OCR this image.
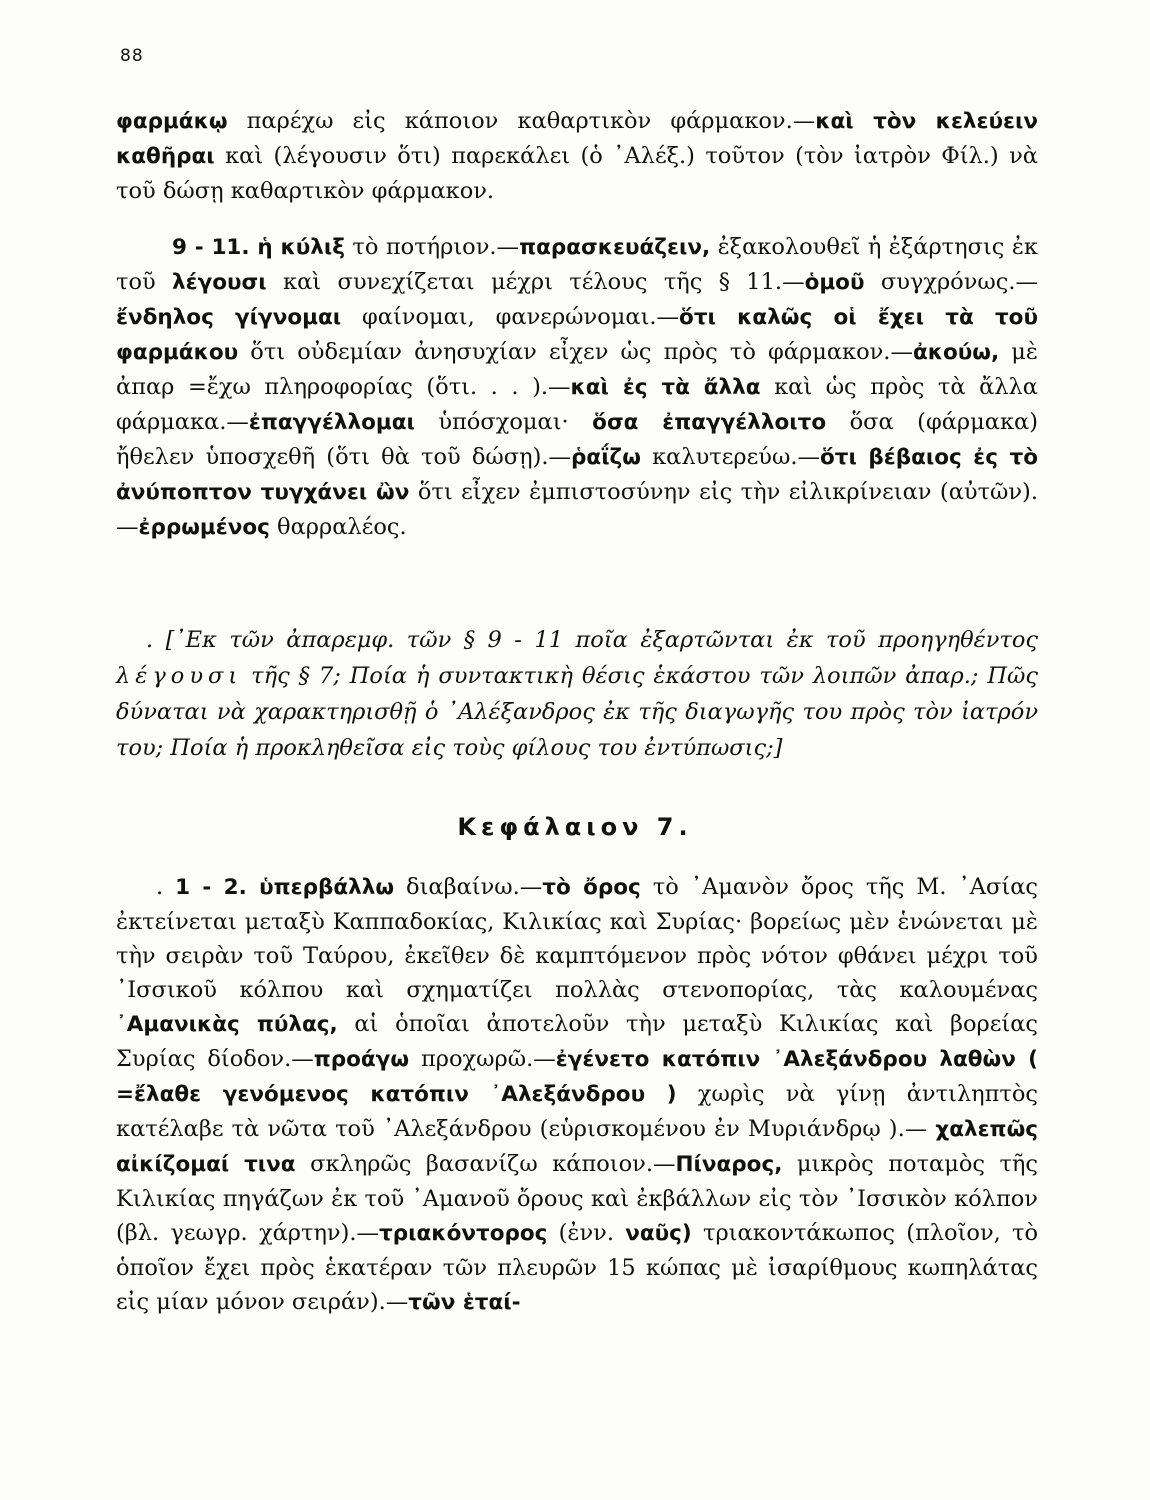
88

φαρμάκῳ παρέχω εἰς κάποιον καθαρτικὸν φάρμακον.—καὶ τὸν κελεύειν καθῆραι καὶ (λέγουσιν ὅτι) παρεκάλει (ὁ ᾿Αλέξ.) τοῦτον (τὸν ἰατρὸν Φίλ.) νὰ τοῦ δώσῃ καθαρτικὸν φάρμακον.

9 - 11. ἡ κύλιξ τὸ ποτήριον.—παρασκευάζειν, ἐξακολουθεῖ ἡ ἐξάρτησις ἐκ τοῦ λέγουσι καὶ συνεχίζεται μέχρι τέλους τῆς § 11.—ὁμοῦ συγχρόνως.—ἔνδηλος γίγνομαι φαίνομαι, φανερώνομαι.—ὅτι καλῶς οἱ ἔχει τὰ τοῦ φαρμάκου ὅτι οὐδεμίαν ἀνησυχίαν εἶχεν ὡς πρὸς τὸ φάρμακον.—ἀκούω, μὲ ἀπαρ =ἔχω πληροφορίας (ὅτι. . . ).—καὶ ἐς τὰ ἄλλα καὶ ὡς πρὸς τὰ ἄλλα φάρμακα.—ἐπαγγέλλομαι ὑπόσχομαι· ὅσα ἐπαγγέλλοιτο ὅσα (φάρμακα) ἤθελεν ὑποσχεθῆ (ὅτι θὰ τοῦ δώσῃ).—ῥαΐζω καλυτερεύω.—ὅτι βέβαιος ἐς τὸ ἀνύποπτον τυγχάνει ὢν ὅτι εἶχεν ἐμπιστοσύνην εἰς τὴν εἰλικρίνειαν (αὐτῶν).—ἐρρωμένος θαρραλέος.

. [᾿Εκ τῶν ἀπαρεμφ. τῶν § 9 - 11 ποῖα ἐξαρτῶνται ἐκ τοῦ προηγηθέντος λέγουσι τῆς § 7; Ποία ἡ συντακτικὴ θέσις ἑκάστου τῶν λοιπῶν ἀπαρ.; Πῶς δύναται νὰ χαρακτηρισθῇ ὁ ᾿Αλέξανδρος ἐκ τῆς διαγωγῆς του πρὸς τὸν ἰατρόν του; Ποία ἡ προκληθεῖσα εἰς τοὺς φίλους του ἐντύπωσις;]

Κεφάλαιον 7.

. 1 - 2. ὑπερβάλλω διαβαίνω.—τὸ ὄρος τὸ ᾿Αμανὸν ὄρος τῆς Μ. ᾿Ασίας ἐκτείνεται μεταξὺ Καππαδοκίας, Κιλικίας καὶ Συρίας· βορείως μὲν ἑνώνεται μὲ τὴν σειρὰν τοῦ Ταύρου, ἐκεῖθεν δὲ καμπτόμενον πρὸς νότον φθάνει μέχρι τοῦ ᾿Ισσικοῦ κόλπου καὶ σχηματίζει πολλὰς στενοπορίας, τὰς καλουμένας ᾿Αμανικὰς πύλας, αἱ ὁποῖαι ἀποτελοῦν τὴν μεταξὺ Κιλικίας καὶ βορείας Συρίας δίοδον.—προάγω προχωρῶ.—ἐγένετο κατόπιν ᾿Αλεξάνδρου λαθὼν ( =ἔλαθε γενόμενος κατόπιν ᾿Αλεξάνδρου ) χωρὶς νὰ γίνῃ ἀντιληπτὸς κατέλαβε τὰ νῶτα τοῦ ᾿Αλεξάνδρου (εὑρισκομένου ἐν Μυριάνδρῳ ).— χαλεπῶς αἰκίζομαί τινα σκληρῶς βασανίζω κάποιον.—Πίναρος, μικρὸς ποταμὸς τῆς Κιλικίας πηγάζων ἐκ τοῦ ᾿Αμανοῦ ὄρους καὶ ἐκβάλλων εἰς τὸν ᾿Ισσικὸν κόλπον (βλ. γεωγρ. χάρτην).—τριακόντορος (ἐνν. ναῦς) τριακοντάκωπος (πλοῖον, τὸ ὁποῖον ἔχει πρὸς ἑκατέραν τῶν πλευρῶν 15 κώπας μὲ ἰσαρίθμους κωπηλάτας εἰς μίαν μόνον σειράν).—τῶν ἑταί-
